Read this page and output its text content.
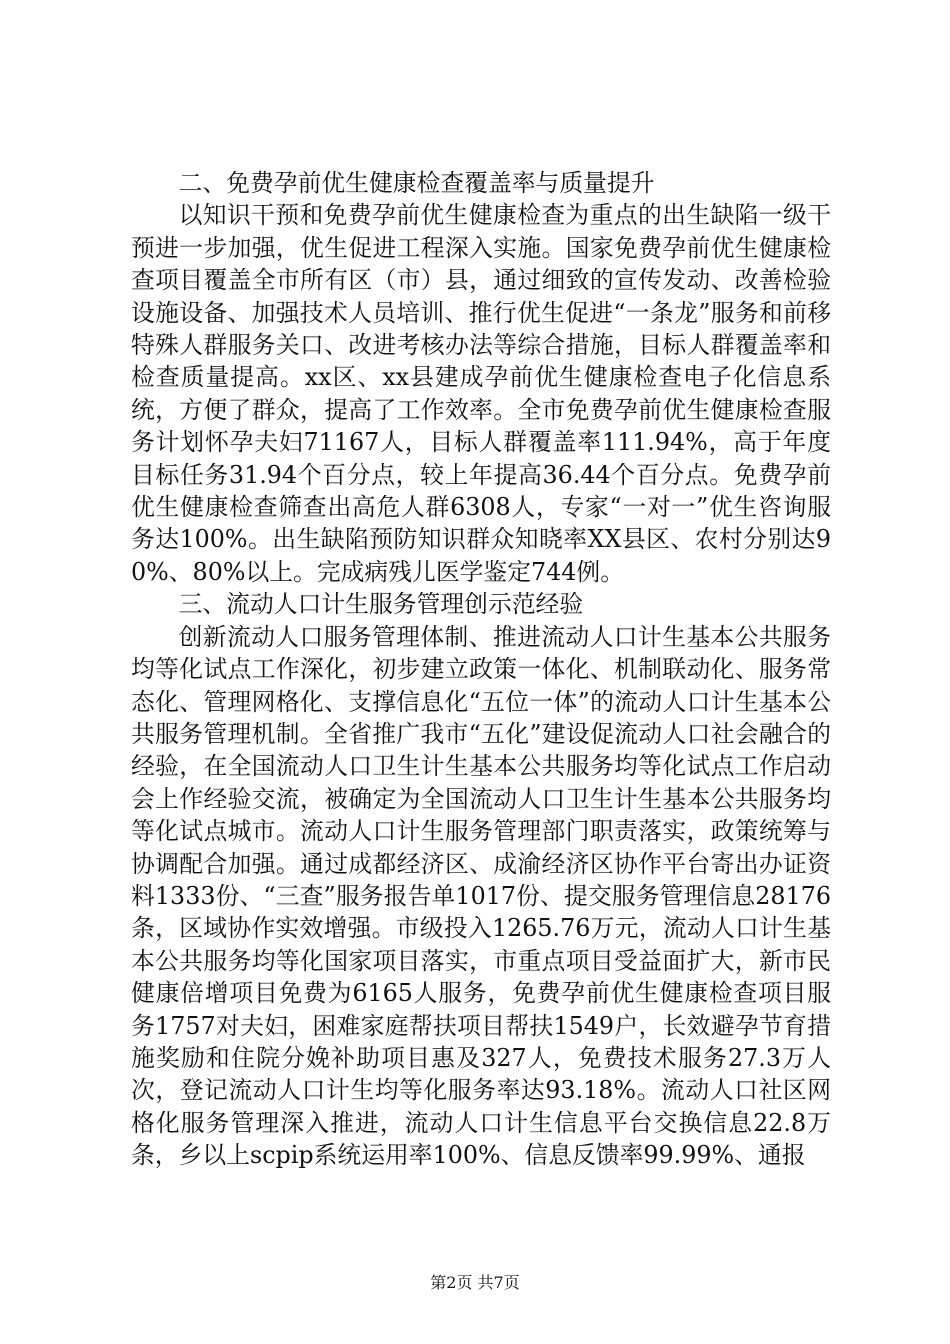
二、免费孕前优生健康检查覆盖率与质量提升

以知识干预和免费孕前优生健康检查为重点的出生缺陷一级干预进一步加强，优生促进工程深入实施。国家免费孕前优生健康检查项目覆盖全市所有区（市）县，通过细致的宣传发动、改善检验设施设备、加强技术人员培训、推行优生促进“一条龙”服务和前移特殊人群服务关口、改进考核办法等综合措施，目标人群覆盖率和检查质量提高。xx区、xx县建成孕前优生健康检查电子化信息系统，方便了群众，提高了工作效率。全市免费孕前优生健康检查服务计划怀孕夫妇71167人，目标人群覆盖率111.94%，高于年度目标任务31.94个百分点，较上年提高36.44个百分点。免费孕前优生健康检查筛查出高危人群6308人，专家“一对一”优生咨询服务达100%。出生缺陷预防知识群众知晓率XX县区、农村分别达90%、80%以上。完成病残儿医学鉴定744例。

三、流动人口计生服务管理创示范经验

创新流动人口服务管理体制、推进流动人口计生基本公共服务均等化试点工作深化，初步建立政策一体化、机制联动化、服务常态化、管理网格化、支撑信息化“五位一体”的流动人口计生基本公共服务管理机制。全省推广我市“五化”建设促流动人口社会融合的经验，在全国流动人口卫生计生基本公共服务均等化试点工作启动会上作经验交流，被确定为全国流动人口卫生计生基本公共服务均等化试点城市。流动人口计生服务管理部门职责落实，政策统筹与协调配合加强。通过成都经济区、成渝经济区协作平台寄出办证资料1333份、“三查”服务报告单1017份、提交服务管理信息28176条，区域协作实效增强。市级投入1265.76万元，流动人口计生基本公共服务均等化国家项目落实，市重点项目受益面扩大，新市民健康倍增项目免费为6165人服务，免费孕前优生健康检查项目服务1757对夫妇，困难家庭帮扶项目帮扶1549户，长效避孕节育措施奖励和住院分娩补助项目惠及327人，免费技术服务27.3万人次，登记流动人口计生均等化服务率达93.18%。流动人口社区网格化服务管理深入推进，流动人口计生信息平台交换信息22.8万条，乡以上scpip系统运用率100%、信息反馈率99.99%、通报

第2页 共7页
